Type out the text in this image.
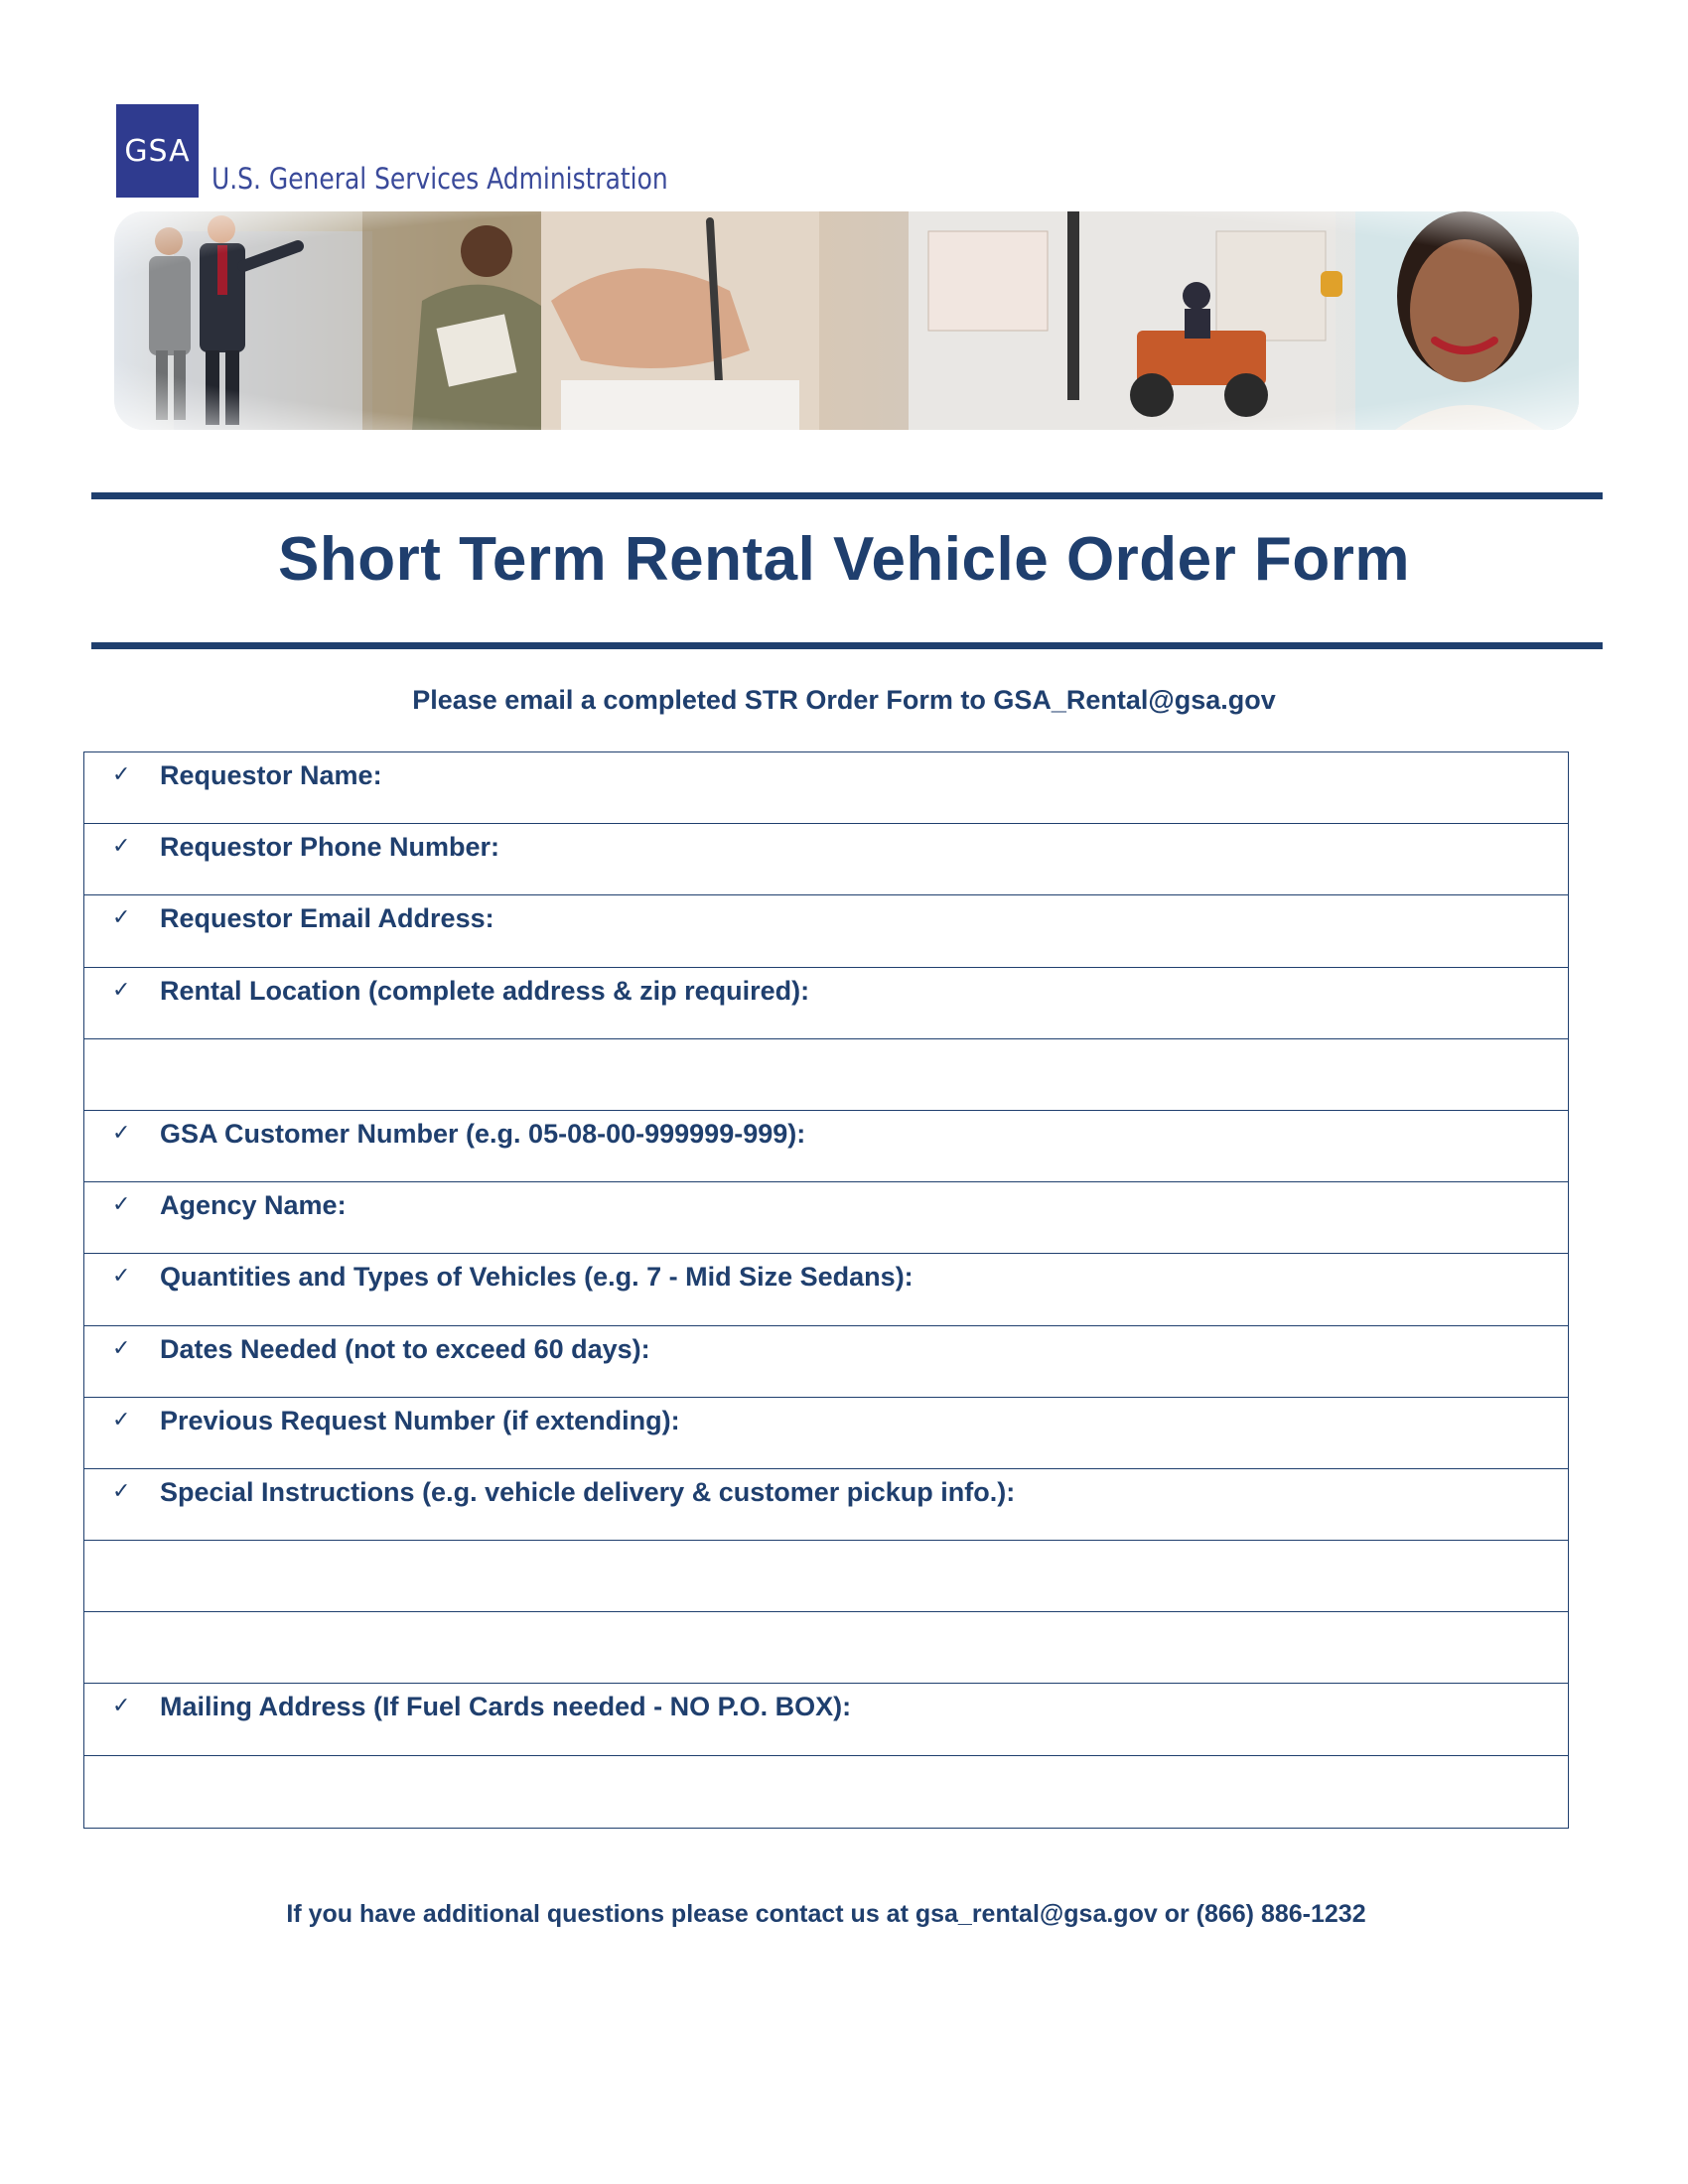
GSA
U.S. General Services Administration
Short Term Rental Vehicle Order Form
Please email a completed STR Order Form to GSA_Rental@gsa.gov
✓ Requestor Name:
✓ Requestor Phone Number:
✓ Requestor Email Address:
✓ Rental Location (complete address & zip required):
✓ GSA Customer Number (e.g. 05-08-00-999999-999):
✓ Agency Name:
✓ Quantities and Types of Vehicles (e.g. 7 - Mid Size Sedans):
✓ Dates Needed (not to exceed 60 days):
✓ Previous Request Number (if extending):
✓ Special Instructions (e.g. vehicle delivery & customer pickup info.):
✓ Mailing Address (If Fuel Cards needed - NO P.O. BOX):
If you have additional questions please contact us at gsa_rental@gsa.gov or (866) 886-1232
